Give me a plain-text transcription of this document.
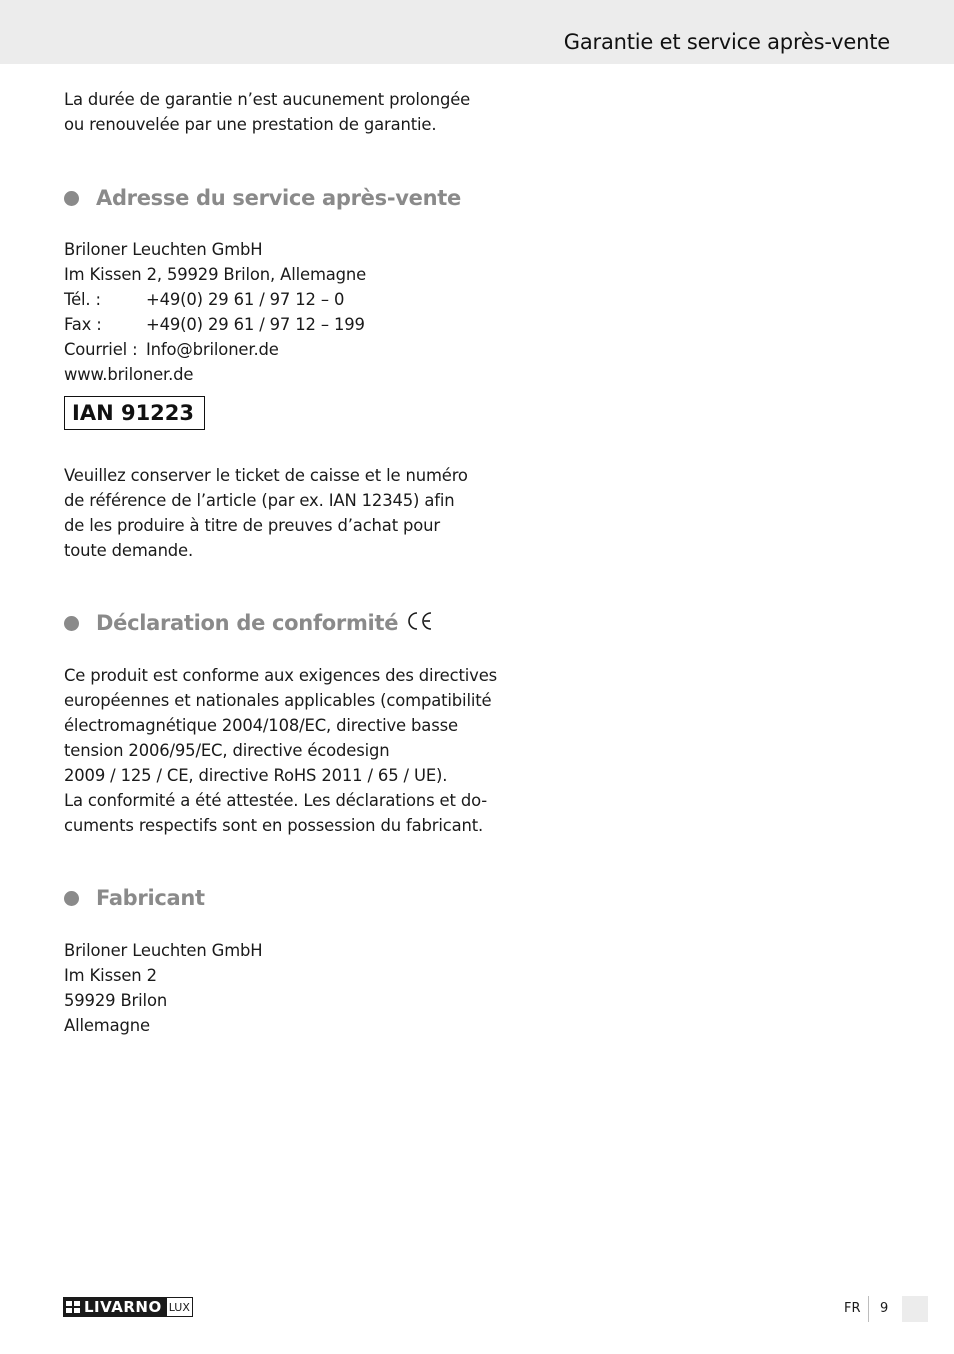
Garantie et service après-vente

La durée de garantie n’est aucunement prolongée
ou renouvelée par une prestation de garantie.

Adresse du service après-vente

Briloner Leuchten GmbH
Im Kissen 2, 59929 Brilon, Allemagne
Tél. :	+49(0) 29 61 / 97 12 – 0
Fax :	+49(0) 29 61 / 97 12 – 199
Courriel : Info@briloner.de
www.briloner.de

IAN 91223

Veuillez conserver le ticket de caisse et le numéro
de référence de l’article (par ex. IAN 12345) afin
de les produire à titre de preuves d’achat pour
toute demande.

Déclaration de conformité

Ce produit est conforme aux exigences des directives
européennes et nationales applicables (compatibilité
électromagnétique 2004/108/EC, directive basse
tension 2006/95/EC, directive écodesign
2009 / 125 / CE, directive RoHS 2011 / 65 / UE).
La conformité a été attestée. Les déclarations et do-
cuments respectifs sont en possession du fabricant.

Fabricant

Briloner Leuchten GmbH
Im Kissen 2
59929 Brilon
Allemagne

LIVARNO LUX	FR 9
